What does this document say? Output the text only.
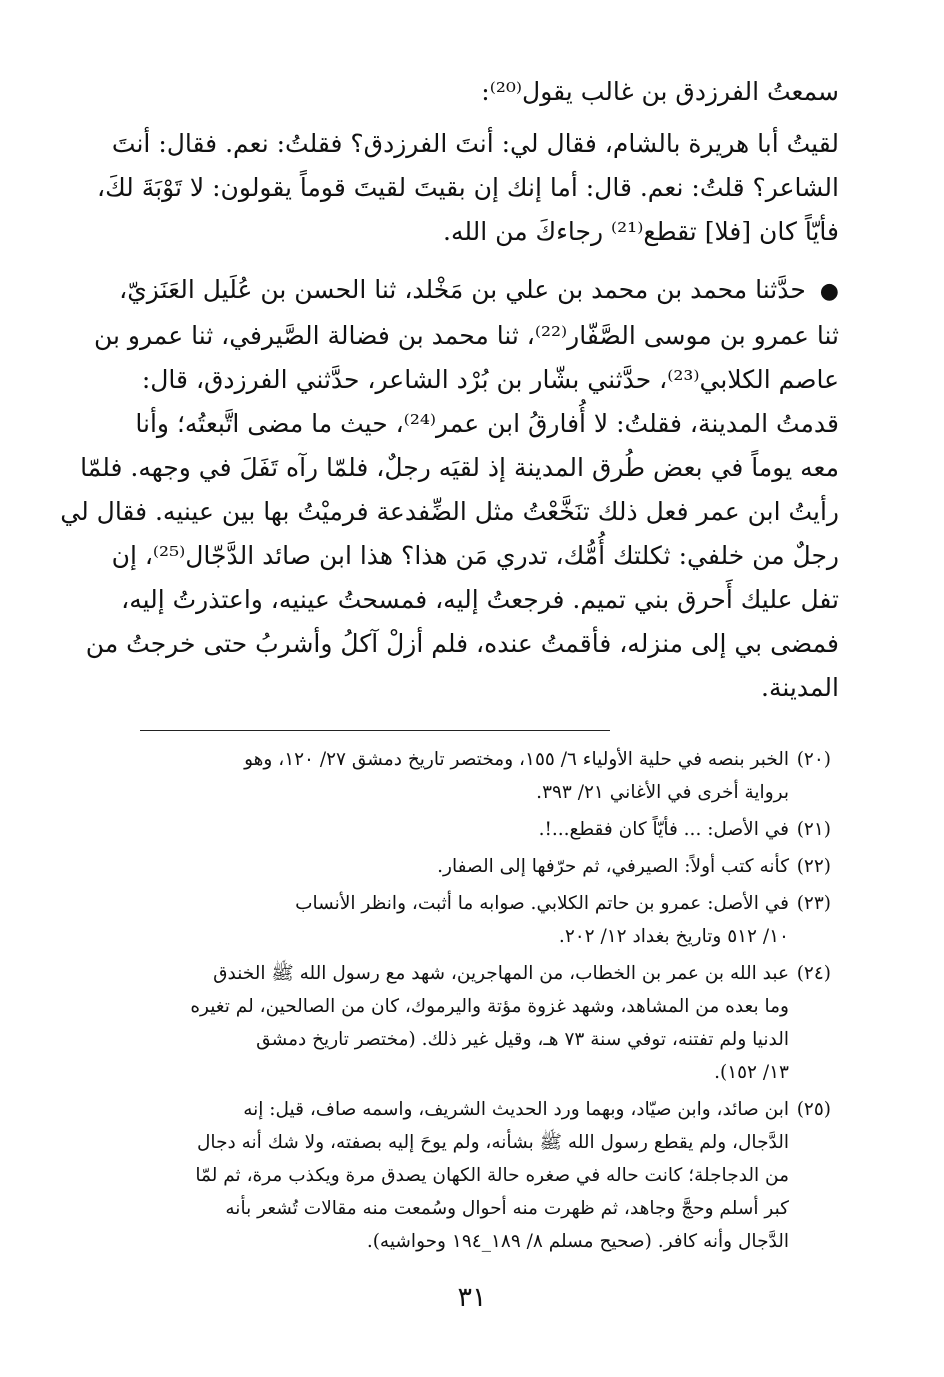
سمعتُ الفرزدق بن غالب يقول⁽²⁰⁾:
لقيتُ أبا هريرة بالشام، فقال لي: أنتَ الفرزدق؟ فقلتُ: نعم. فقال: أنتَ
الشاعر؟ قلتُ: نعم. قال: أما إنك إن بقيتَ لقيتَ قوماً يقولون: لا تَوْبَةَ لكَ،
فأيّاً كان [فلا] تقطع⁽²¹⁾ رجاءكَ من الله.
● حدَّثنا محمد بن محمد بن علي بن مَخْلد، ثنا الحسن بن عُلَيل العَنَزيّ،
ثنا عمرو بن موسى الصَّفّار⁽²²⁾، ثنا محمد بن فضالة الصَّيرفي، ثنا عمرو بن
عاصم الكلابي⁽²³⁾، حدَّثني بشّار بن بُرْد الشاعر، حدَّثني الفرزدق، قال:
قدمتُ المدينة، فقلتُ: لا أُفارقُ ابن عمر⁽²⁴⁾، حيث ما مضى اتَّبعتُه؛ وأنا
معه يوماً في بعض طُرق المدينة إذ لقيَه رجلٌ، فلمّا رآه تَفَلَ في وجهه. فلمّا
رأيتُ ابن عمر فعل ذلك تنَخَّعْتُ مثل الضِّفدعة فرميْتُ بها بين عينيه. فقال لي
رجلٌ من خلفي: ثكلتك أُمُّك، تدري مَن هذا؟ هذا ابن صائد الدَّجّال⁽²⁵⁾، إن
تفل عليك أَحرق بني تميم. فرجعتُ إليه، فمسحتُ عينيه، واعتذرتُ إليه،
فمضى بي إلى منزله، فأقمتُ عنده، فلم أزلْ آكلُ وأشربُ حتى خرجتُ من
المدينة.
(٢٠)
الخبر بنصه في حلية الأولياء ٦/ ١٥٥، ومختصر تاريخ دمشق ٢٧/ ١٢٠، وهو
برواية أخرى في الأغاني ٢١/ ٣٩٣.
(٢١)
في الأصل: ... فأيّاً كان فقطع...!.
(٢٢)
كأنه كتب أولاً: الصيرفي، ثم حرّفها إلى الصفار.
(٢٣)
في الأصل: عمرو بن حاتم الكلابي. صوابه ما أثبت، وانظر الأنساب
١٠/ ٥١٢ وتاريخ بغداد ١٢/ ٢٠٢.
(٢٤)
عبد الله بن عمر بن الخطاب، من المهاجرين، شهد مع رسول الله ﷺ الخندق
وما بعده من المشاهد، وشهد غزوة مؤتة واليرموك، كان من الصالحين، لم تغيره
الدنيا ولم تفتنه، توفي سنة ٧٣ هـ، وقيل غير ذلك. (مختصر تاريخ دمشق
١٣/ ١٥٢).
(٢٥)
ابن صائد، وابن صيّاد، وبهما ورد الحديث الشريف، واسمه صاف، قيل: إنه
الدَّجال، ولم يقطع رسول الله ﷺ بشأنه، ولم يوحَ إليه بصفته، ولا شك أنه دجال
من الدجاجلة؛ كانت حاله في صغره حالة الكهان يصدق مرة ويكذب مرة، ثم لمّا
كبر أسلم وحجَّ وجاهد، ثم ظهرت منه أحوال وسُمعت منه مقالات تُشعر بأنه
الدَّجال وأنه كافر. (صحيح مسلم ٨/ ١٨٩_١٩٤ وحواشيه).
٣١
